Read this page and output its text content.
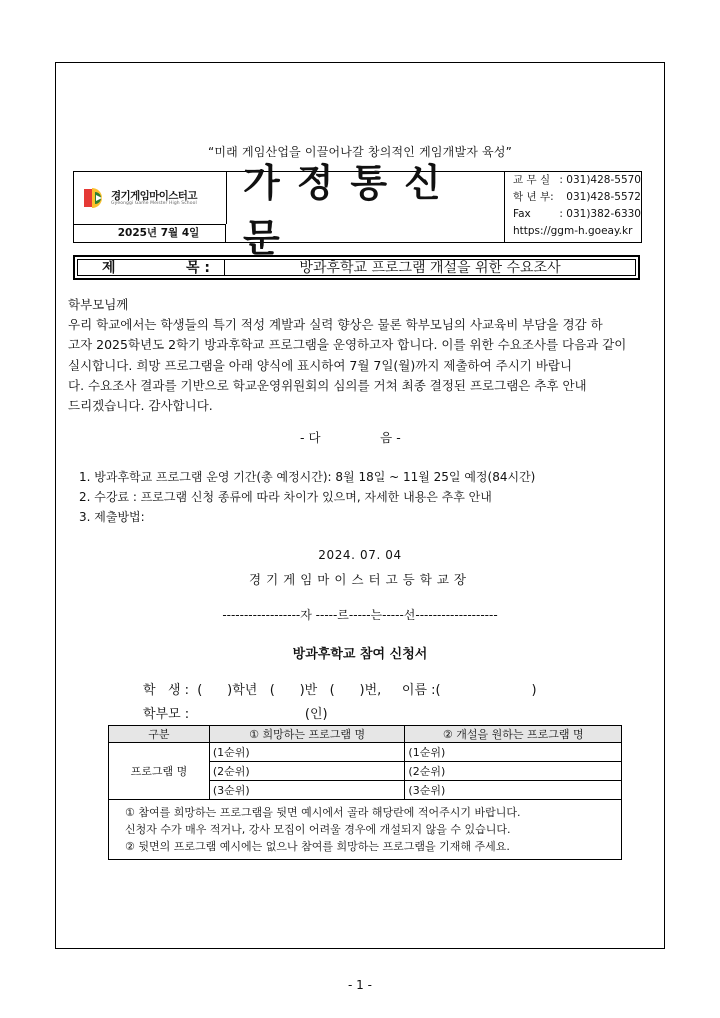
“미래 게임산업을 이끌어나갈 창의적인 게임개발자 육성”
경기게임마이스터고
Gyeonggi Game Meister High School
2025년 7월 4일
가정통신문
교 무 실 : 031)428-5570
학 년 부: 031)428-5572
Fax	: 031)382-6330
https://ggm-h.goeay.kr
제	목 :	방과후학교 프로그램 개설을 위한 수요조사
학부모님께
우리 학교에서는 학생들의 특기 적성 계발과 실력 향상은 물론 학부모님의 사교육비 부담을 경감 하
고자 2025학년도 2학기 방과후학교 프로그램을 운영하고자 합니다. 이를 위한 수요조사를 다음과 같이
실시합니다. 희망 프로그램을 아래 양식에 표시하여 7월 7일(월)까지 제출하여 주시기 바랍니
다. 수요조사 결과를 기반으로 학교운영위원회의 심의를 거쳐 최종 결정된 프로그램은 추후 안내
드리겠습니다. 감사합니다.
- 다               음 -
1. 방과후학교 프로그램 운영 기간(총 예정시간): 8월 18일 ~ 11월 25일 예정(84시간)
2. 수강료 : 프로그램 신청 종류에 따라 차이가 있으며, 자세한 내용은 추후 안내
3. 제출방법:
2024. 07. 04
경기게임마이스터고등학교장
------------------자 -----르-----는-----선-------------------
방과후학교 참여 신청서
학   생 :  (      )학년   (      )반   (      )번,     이름 :(                      )
학부모 :                            (인)
구분	① 희망하는 프로그램 명	② 개설을 원하는 프로그램 명
프로그램 명	(1순위)	(1순위)
	(2순위)	(2순위)
	(3순위)	(3순위)

① 참여를 희망하는 프로그램을 뒷면 예시에서 골라 해당란에 적어주시기 바랍니다.
신청자 수가 매우 적거나, 강사 모집이 어려울 경우에 개설되지 않을 수 있습니다.
② 뒷면의 프로그램 예시에는 없으나 참여를 희망하는 프로그램을 기재해 주세요.		
- 1 -
